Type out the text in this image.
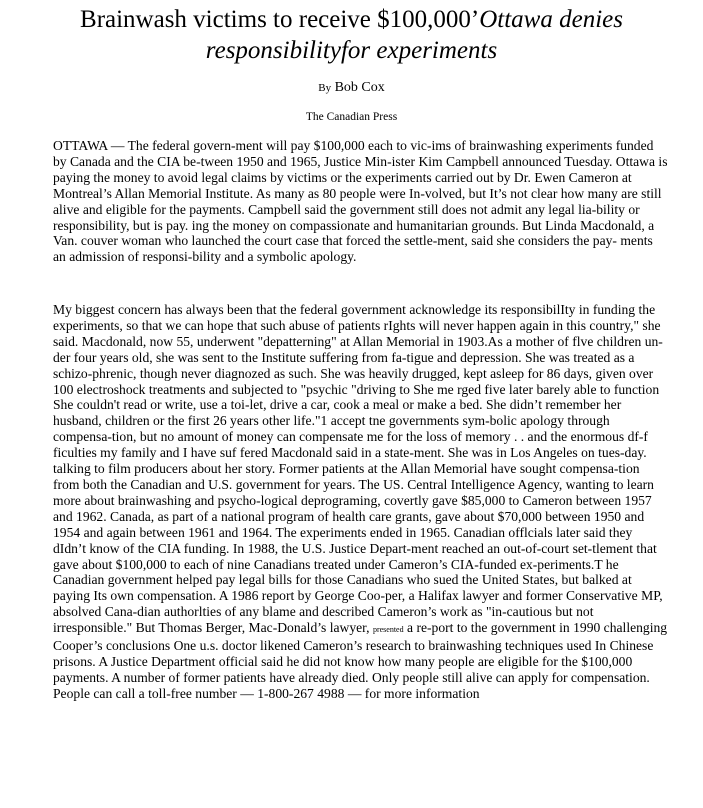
Brainwash victims to receive $100,000’Ottawa denies responsibilityfor experiments
By Bob Cox
The Canadian Press

OTTAWA — The federal govern-ment will pay $100,000 each to vic-ims of brainwashing experiments funded by Canada and the CIA be-tween 1950 and 1965, Justice Min-ister Kim Campbell announced Tuesday. Ottawa is paying the money to avoid legal claims by victims or the experiments carried out by Dr. Ewen Cameron at Montreal’s Allan Memorial Institute. As many as 80 people were In-volved, but It’s not clear how many are still alive and eligible for the payments. Campbell said the government still does not admit any legal lia-bility or responsibility, but is pay. ing the money on compassionate and humanitarian grounds. But Linda Macdonald, a Van. couver woman who launched the court case that forced the settle-ment, said she considers the pay- ments an admission of responsi-bility and a symbolic apology.

My biggest concern has always been that the federal government acknowledge its responsibilIty in funding the experiments, so that we can hope that such abuse of patients rIghts will never happen again in this country," she said. Macdonald, now 55, underwent "depatterning" at Allan Memorial in 1903.As a mother of flve children un-der four years old, she was sent to the Institute suffering from fa-tigue and depression. She was treated as a schizo-phrenic, though never diagnozed as such. She was heavily drugged, kept asleep for 86 days, given over 100 electroshock treatments and subjected to "psychic "driving to She me rged five later barely able to function She couldn't read or write, use a toi-let, drive a car, cook a meal or make a bed. She didn’t remember her husband, children or the first 26 years other life."1 accept tne governments sym-bolic apology through compensa-tion, but no amount of money can compensate me for the loss of memory . . and the enormous df-f ficulties my family and I have suf fered Macdonald said in a state-ment. She was in Los Angeles on tues-day. talking to film producers about her story. Former patients at the Allan Memorial have sought compensa-tion from both the Canadian and U.S. government for years. The US. Central Intelligence Agency, wanting to learn more about brainwashing and psycho-logical deprograming, covertly gave $85,000 to Cameron between 1957 and 1962. Canada, as part of a national program of health care grants, gave about $70,000 between 1950 and 1954 and again between 1961 and 1964. The experiments ended in 1965. Canadian offlcials later said they dIdn’t know of the CIA funding. In 1988, the U.S. Justice Depart-ment reached an out-of-court set-tlement that gave about $100,000 to each of nine Canadians treated under Cameron’s CIA-funded ex-periments.T he Canadian government helped pay legal bills for those Canadians who sued the United States, but balked at paying Its own compensation. A 1986 report by George Coo-per, a Halifax lawyer and former Conservative MP, absolved Cana-dian authorlties of any blame and described Cameron’s work as "in-cautious but not irresponsible." But Thomas Berger, Mac-Donald’s lawyer, presented a re-port to the government in 1990 challenging Cooper’s conclusions One u.s. doctor likened Cameron’s research to brainwashing techniques used In Chinese prisons. A Justice Department official said he did not know how many people are eligible for the $100,000 payments. A number of former patients have already died. Only people still alive can apply for compensation. People can call a toll-free number — 1-800-267 4988 — for more information
